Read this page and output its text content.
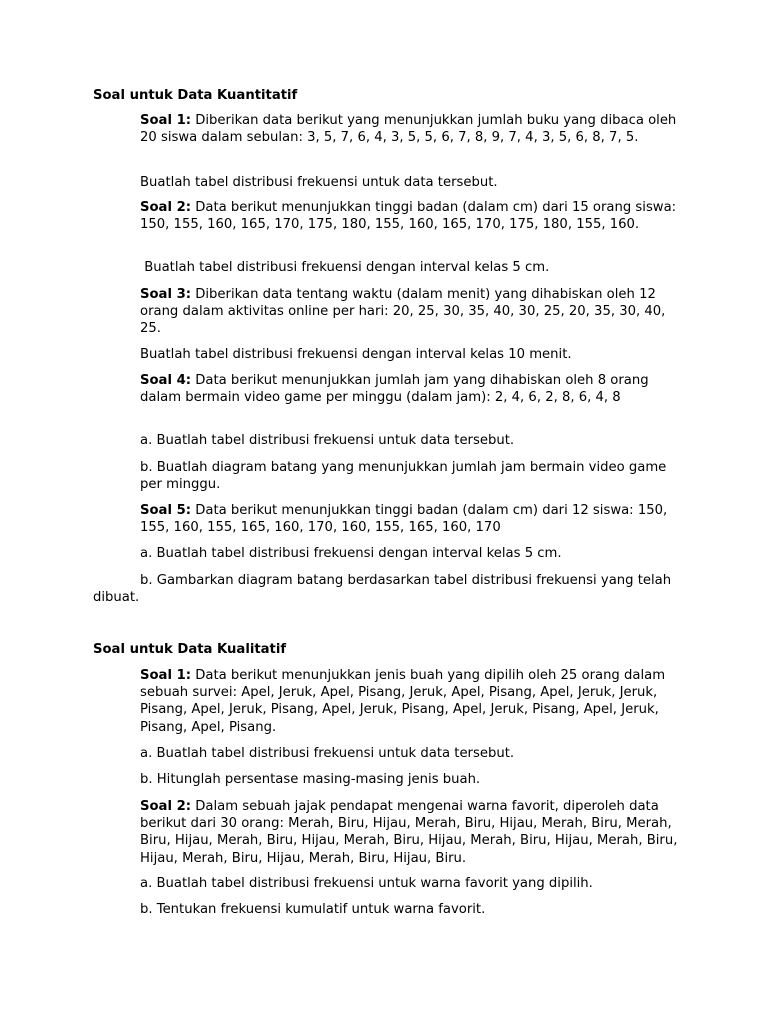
Soal untuk Data Kuantitatif

Soal 1: Diberikan data berikut yang menunjukkan jumlah buku yang dibaca oleh 20 siswa dalam sebulan: 3, 5, 7, 6, 4, 3, 5, 5, 6, 7, 8, 9, 7, 4, 3, 5, 6, 8, 7, 5.

Buatlah tabel distribusi frekuensi untuk data tersebut.

Soal 2: Data berikut menunjukkan tinggi badan (dalam cm) dari 15 orang siswa: 150, 155, 160, 165, 170, 175, 180, 155, 160, 165, 170, 175, 180, 155, 160.

Buatlah tabel distribusi frekuensi dengan interval kelas 5 cm.

Soal 3: Diberikan data tentang waktu (dalam menit) yang dihabiskan oleh 12 orang dalam aktivitas online per hari: 20, 25, 30, 35, 40, 30, 25, 20, 35, 30, 40, 25.

Buatlah tabel distribusi frekuensi dengan interval kelas 10 menit.

Soal 4: Data berikut menunjukkan jumlah jam yang dihabiskan oleh 8 orang dalam bermain video game per minggu (dalam jam): 2, 4, 6, 2, 8, 6, 4, 8

a. Buatlah tabel distribusi frekuensi untuk data tersebut.

b. Buatlah diagram batang yang menunjukkan jumlah jam bermain video game per minggu.

Soal 5: Data berikut menunjukkan tinggi badan (dalam cm) dari 12 siswa: 150, 155, 160, 155, 165, 160, 170, 160, 155, 165, 160, 170

a. Buatlah tabel distribusi frekuensi dengan interval kelas 5 cm.

b. Gambarkan diagram batang berdasarkan tabel distribusi frekuensi yang telah dibuat.

Soal untuk Data Kualitatif

Soal 1: Data berikut menunjukkan jenis buah yang dipilih oleh 25 orang dalam sebuah survei: Apel, Jeruk, Apel, Pisang, Jeruk, Apel, Pisang, Apel, Jeruk, Jeruk, Pisang, Apel, Jeruk, Pisang, Apel, Jeruk, Pisang, Apel, Jeruk, Pisang, Apel, Jeruk, Pisang, Apel, Pisang.

a. Buatlah tabel distribusi frekuensi untuk data tersebut.

b. Hitunglah persentase masing-masing jenis buah.

Soal 2: Dalam sebuah jajak pendapat mengenai warna favorit, diperoleh data berikut dari 30 orang: Merah, Biru, Hijau, Merah, Biru, Hijau, Merah, Biru, Merah, Biru, Hijau, Merah, Biru, Hijau, Merah, Biru, Hijau, Merah, Biru, Hijau, Merah, Biru, Hijau, Merah, Biru, Hijau, Merah, Biru, Hijau, Biru.

a. Buatlah tabel distribusi frekuensi untuk warna favorit yang dipilih.

b. Tentukan frekuensi kumulatif untuk warna favorit.
